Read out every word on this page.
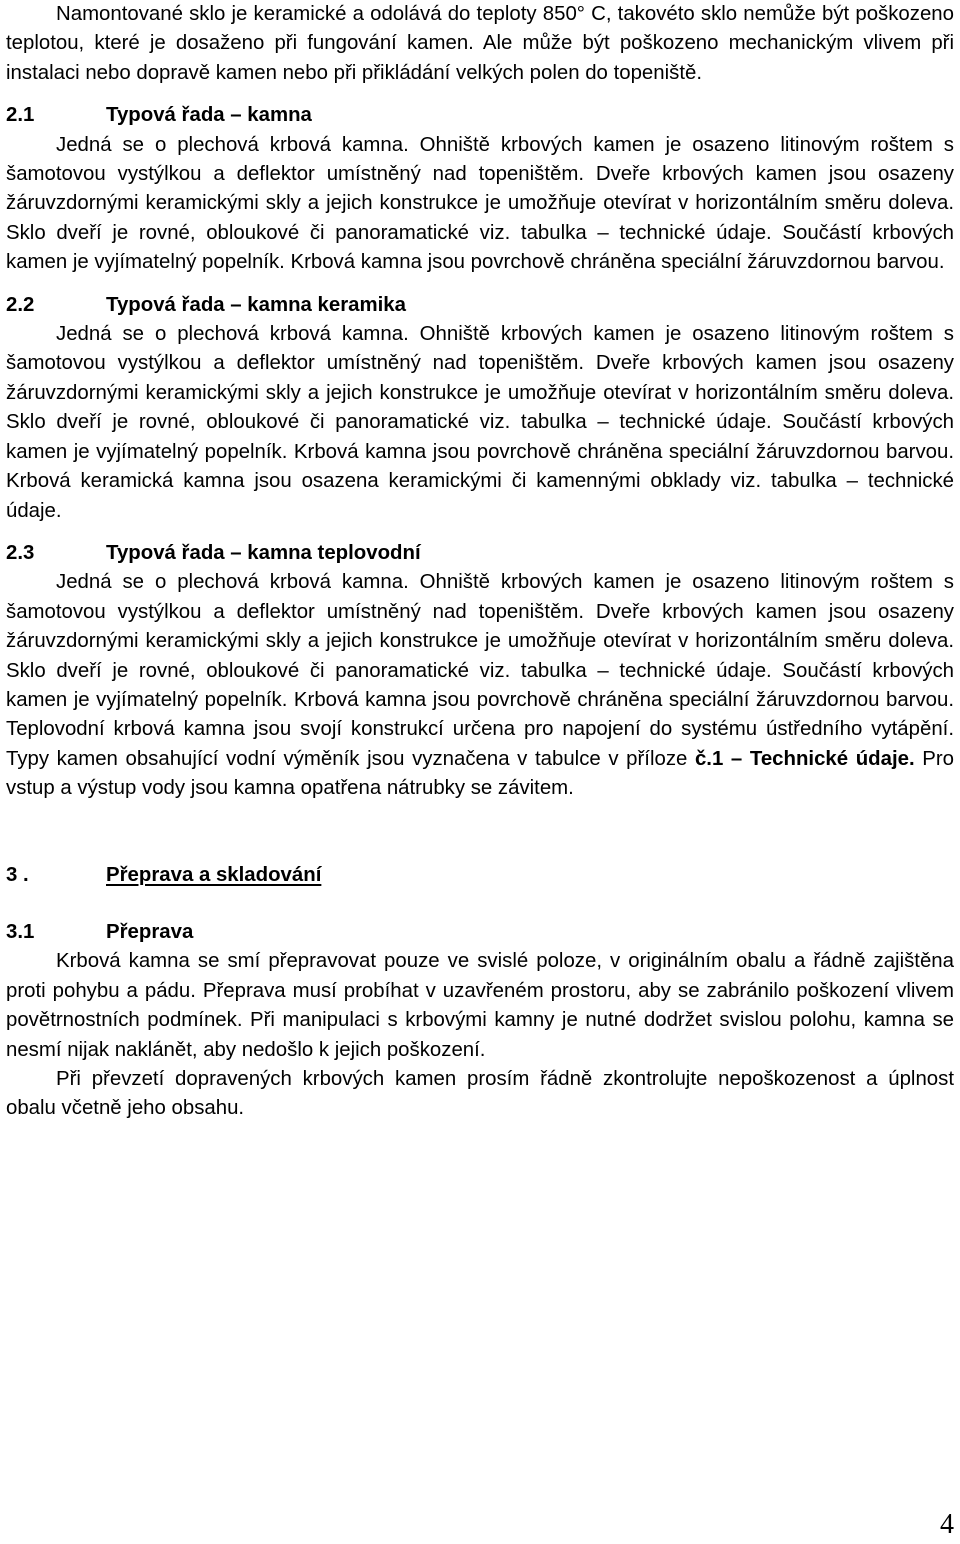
Namontované sklo je keramické a odolává do teploty 850° C, takovéto sklo nemůže být poškozeno teplotou, které je dosaženo při fungování kamen. Ale může být poškozeno mechanickým vlivem při instalaci nebo dopravě kamen nebo při přikládání velkých polen do topeniště.

2.1	Typová řada – kamna

Jedná se o plechová krbová kamna. Ohniště krbových kamen je osazeno litinovým roštem s šamotovou vystýlkou a deflektor umístněný nad topeništěm. Dveře krbových kamen jsou osazeny žáruvzdornými keramickými skly a jejich konstrukce je umožňuje otevírat v horizontálním směru doleva. Sklo dveří je rovné, obloukové či panoramatické viz. tabulka – technické údaje. Součástí krbových kamen je vyjímatelný popelník. Krbová kamna jsou povrchově chráněna speciální žáruvzdornou barvou.

2.2	Typová řada – kamna keramika

Jedná se o plechová krbová kamna. Ohniště krbových kamen je osazeno litinovým roštem s šamotovou vystýlkou a deflektor umístněný nad topeništěm. Dveře krbových kamen jsou osazeny žáruvzdornými keramickými skly a jejich konstrukce je umožňuje otevírat v horizontálním směru doleva. Sklo dveří je rovné, obloukové či panoramatické viz. tabulka – technické údaje. Součástí krbových kamen je vyjímatelný popelník. Krbová kamna jsou povrchově chráněna speciální žáruvzdornou barvou. Krbová keramická kamna jsou osazena keramickými či kamennými obklady viz. tabulka – technické údaje.

2.3	Typová řada – kamna teplovodní

Jedná se o plechová krbová kamna. Ohniště krbových kamen je osazeno litinovým roštem s šamotovou vystýlkou a deflektor umístněný nad topeništěm. Dveře krbových kamen jsou osazeny žáruvzdornými keramickými skly a jejich konstrukce je umožňuje otevírat v horizontálním směru doleva. Sklo dveří je rovné, obloukové či panoramatické viz. tabulka – technické údaje. Součástí krbových kamen je vyjímatelný popelník. Krbová kamna jsou povrchově chráněna speciální žáruvzdornou barvou. Teplovodní krbová kamna jsou svojí konstrukcí určena pro napojení do systému ústředního vytápění. Typy kamen obsahující vodní výměník jsou vyznačena v tabulce v příloze č.1 – Technické údaje. Pro vstup a výstup vody jsou kamna opatřena nátrubky se závitem.

3 .	Přeprava a skladování
3.1	Přeprava

Krbová kamna se smí přepravovat pouze ve svislé poloze, v originálním obalu a řádně zajištěna proti pohybu a pádu. Přeprava musí probíhat v uzavřeném prostoru, aby se zabránilo poškození vlivem povětrnostních podmínek. Při manipulaci s krbovými kamny je nutné dodržet svislou polohu, kamna se nesmí nijak naklánět, aby nedošlo k jejich poškození.

Při převzetí dopravených krbových kamen prosím řádně zkontrolujte nepoškozenost a úplnost obalu včetně jeho obsahu.

4
